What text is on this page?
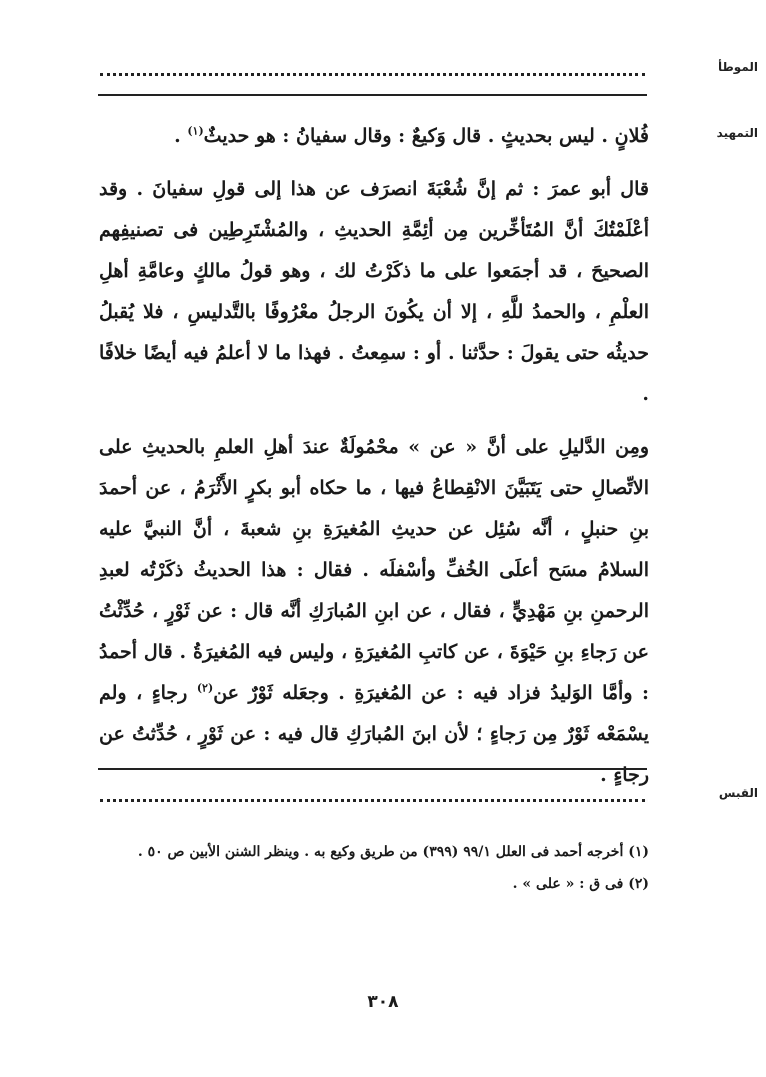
الموطأ
التمهيد

فُلانٍ . ليس بحديثٍ . قال وَكيعٌ : وقال سفيانُ : هو حديثٌ$^{(١)}$ .

قال أبو عمرَ : ثم إنَّ شُعْبَةَ انصرَف عن هذا إلى قولِ سفيانَ . وقد أعْلَمْتُكَ أنَّ المُتَأخِّرين مِن أئِمَّةِ الحديثِ ، والمُشْتَرِطِين فى تصنيفِهم الصحيحَ ، قد أجمَعوا على ما ذكَرْتُ لك ، وهو قولُ مالكٍ وعامَّةِ أهلِ العلْمِ ، والحمدُ للَّهِ ، إلا أن يكُونَ الرجلُ معْرُوفًا بالتَّدليسِ ، فلا يُقبلُ حديثُه حتى يقولَ : حدَّثنا . أو : سمِعتُ . فهذا ما لا أعلمُ فيه أيضًا خلافًا .

ومِن الدَّليلِ على أنَّ « عن » محْمُولَةٌ عندَ أهلِ العلمِ بالحديثِ على الاتِّصالِ حتى يَتَبَيَّنَ الانْقِطاعُ فيها ، ما حكاه أبو بكرٍ الأَثْرَمُ ، عن أحمدَ بنِ حنبلٍ ، أنَّه سُئِل عن حديثِ المُغيرَةِ بنِ شعبةَ ، أنَّ النبيَّ عليه السلامُ مسَح أعلَى الخُفِّ وأسْفلَه . فقال : هذا الحديثُ ذكَرْتُه لعبدِ الرحمنِ بنِ مَهْدِيٍّ ، فقال ، عن ابنِ المُبارَكِ أنَّه قال : عن ثَوْرٍ ، حُدِّثْتُ عن رَجاءِ بنِ حَيْوَةَ ، عن كاتبِ المُغيرَةِ ، وليس فيه المُغيرَةُ . قال أحمدُ : وأمَّا الوَليدُ فزاد فيه : عن المُغيرَةِ . وجعَله ثَوْرٌ عن$^{(٢)}$ رجاءٍ ، ولم يسْمَعْه ثَوْرٌ مِن رَجاءٍ ؛ لأن ابنَ المُبارَكِ قال فيه : عن ثَوْرٍ ، حُدِّثتُ عن رجاءٍ .

القبس

(١) أخرجه أحمد فى العلل ٩٩/١ (٣٩٩) من طريق وكيع به . وينظر الشنن الأبين ص ٥٠ .

(٢) فى ق : « على » .

٣٠٨
